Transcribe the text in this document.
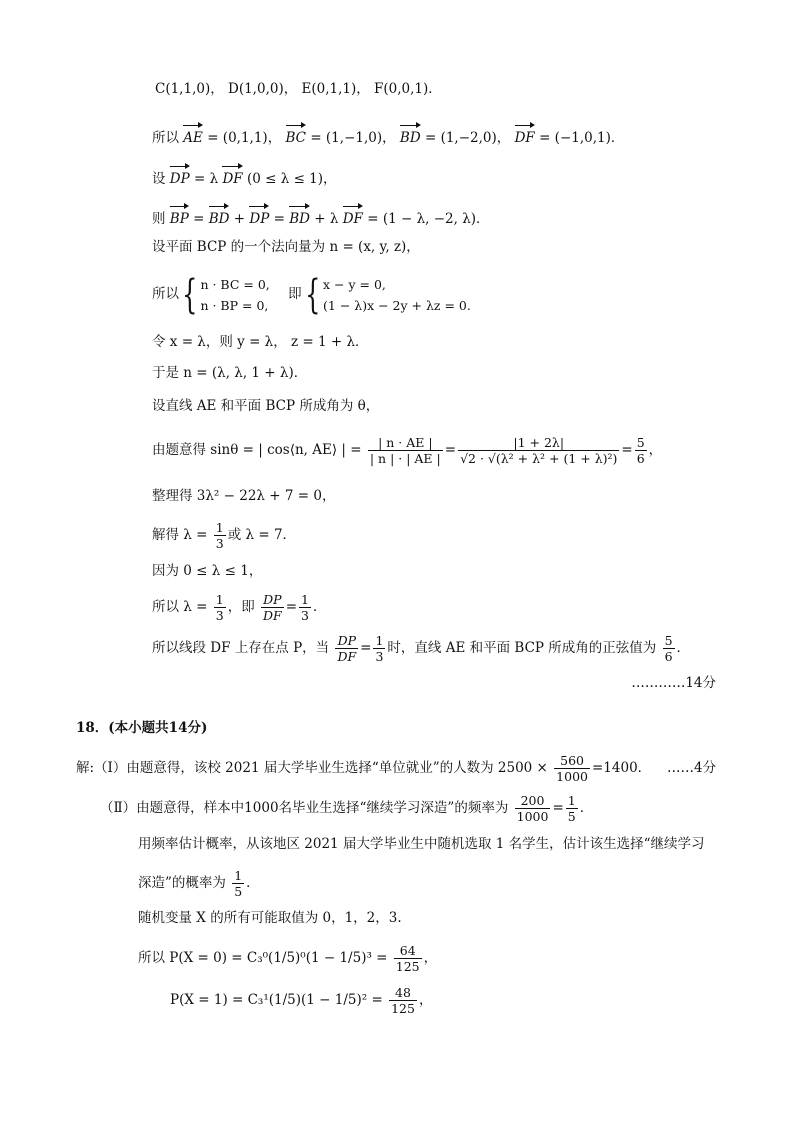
C(1,1,0)， D(1,0,0)， E(0,1,1)， F(0,0,1)．
所以 AE = (0,1,1)， BC = (1,−1,0)， BD = (1,−2,0)， DF = (−1,0,1)．
设 DP = λ DF (0 ≤ λ ≤ 1)，
则 BP = BD + DP = BD + λ DF = (1 − λ, −2, λ)．
设平面 BCP 的一个法向量为 n = (x, y, z)，
所以{ n · BC = 0,
n · BP = 0,
即{ x − y = 0,
(1 − λ)x − 2y + λz = 0.
令 x = λ，则 y = λ， z = 1 + λ．
于是 n = (λ, λ, 1 + λ)．
设直线 AE 和平面 BCP 所成角为 θ，
由题意得 sinθ = | cos⟨n, AE⟩ | = $\frac{| n \cdot AE |}{| n | \cdot | AE |} = \frac{|1 + 2\lambda|}{\text{√2 · √(λ² + λ² + (1 + λ)²)}} = \frac{5}{6}$ ，
整理得 3λ² − 22λ + 7 = 0，
解得 $\lambda = \frac{1}{3}$ 或 λ = 7．
因为 0 ≤ λ ≤ 1，
所以 $\lambda = \frac{1}{3}$ ，即 $\frac{DP}{DF} = \frac{1}{3}$ ．
所以线段 DF 上存在点 P，当 $\frac{DP}{DF} = \frac{1}{3}$ 时，直线 AE 和平面 BCP 所成角的正弦值为 $\frac{5}{6}$ ．
…………14分
18．(本小题共14分)
解:（Ⅰ）由题意得，该校 2021 届大学毕业生选择“单位就业”的人数为 $2500 \times \frac{560}{1000} =1400$． ……4分
（Ⅱ）由题意得，样本中1000名毕业生选择“继续学习深造”的频率为 $\frac{200}{1000} = \frac{1}{5}$ ．
用频率估计概率，从该地区 2021 届大学毕业生中随机选取 1 名学生，估计该生选择“继续学习
深造”的概率为 $\frac{1}{5}$ ．
随机变量 X 的所有可能取值为 0，1，2，3.
所以 $P(X = 0) = C_3^0(1/5)^0(1 - 1/5)^3 = \frac{64}{125}$ ，
$P(X = 1) = C_3^1(1/5)(1 - 1/5)^2 = \frac{48}{125}$ ，
